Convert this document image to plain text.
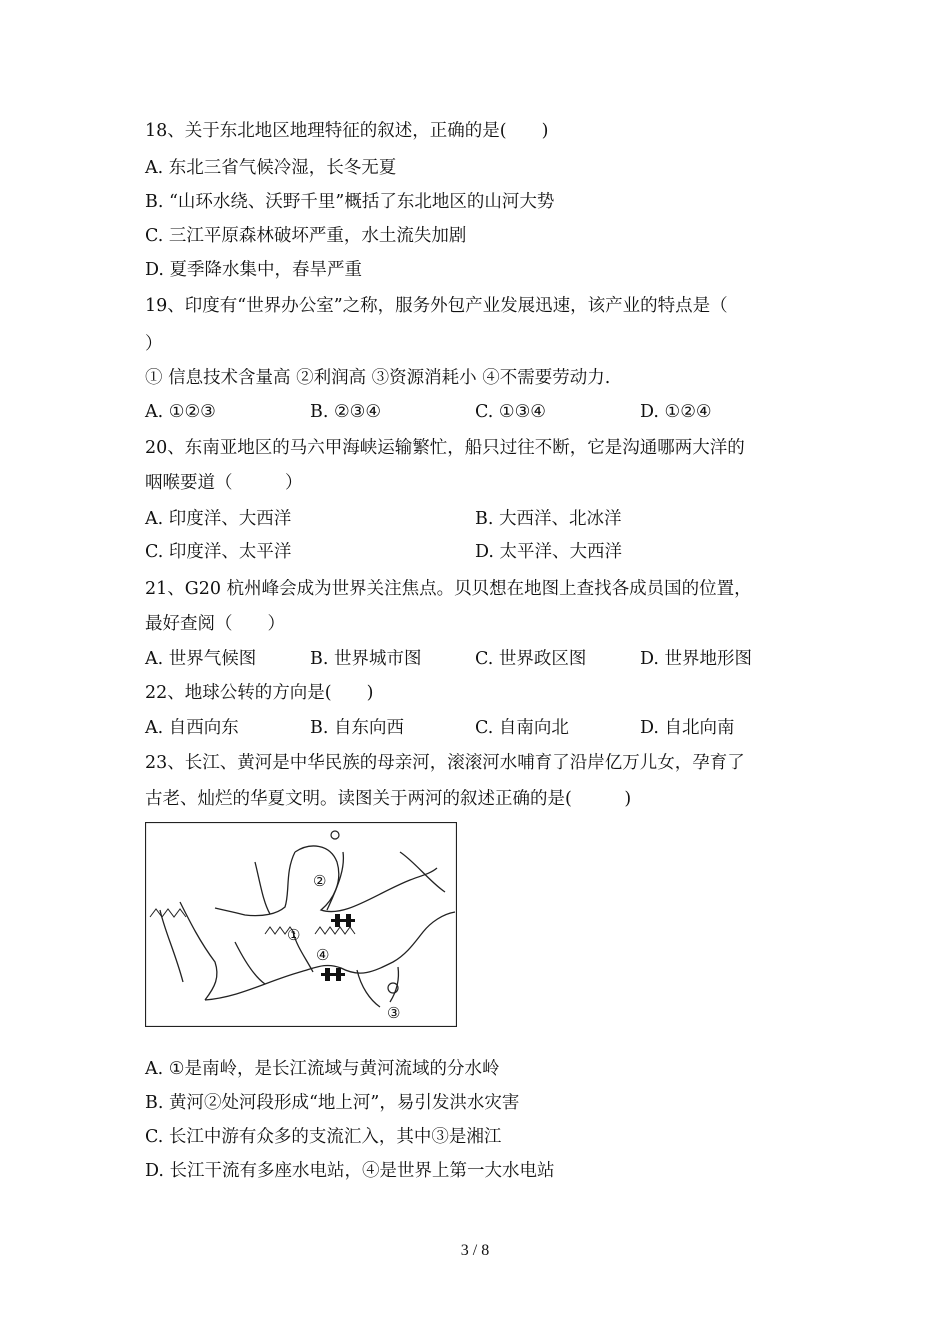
18、关于东北地区地理特征的叙述，正确的是(　　)
A. 东北三省气候冷湿，长冬无夏
B. “山环水绕、沃野千里”概括了东北地区的山河大势
C. 三江平原森林破坏严重，水土流失加剧
D. 夏季降水集中，春旱严重
19、印度有“世界办公室”之称，服务外包产业发展迅速，该产业的特点是（
）
① 信息技术含量高 ②利润高 ③资源消耗小 ④不需要劳动力.
A. ①②③	B. ②③④	C. ①③④	D. ①②④
20、东南亚地区的马六甲海峡运输繁忙，船只过往不断，它是沟通哪两大洋的
咽喉要道（　　　）
A. 印度洋、大西洋	B. 大西洋、北冰洋
C. 印度洋、太平洋	D. 太平洋、大西洋
21、G20 杭州峰会成为世界关注焦点。贝贝想在地图上查找各成员国的位置，
最好查阅（　　）
A. 世界气候图	B. 世界城市图	C. 世界政区图	D. 世界地形图
22、地球公转的方向是(　　)
A. 自西向东	B. 自东向西	C. 自南向北	D. 自北向南
23、长江、黄河是中华民族的母亲河，滚滚河水哺育了沿岸亿万儿女，孕育了
古老、灿烂的华夏文明。读图关于两河的叙述正确的是(　　　)
①
②
③
④
A. ①是南岭，是长江流域与黄河流域的分水岭
B. 黄河②处河段形成“地上河”，易引发洪水灾害
C. 长江中游有众多的支流汇入，其中③是湘江
D. 长江干流有多座水电站，④是世界上第一大水电站
3 / 8
